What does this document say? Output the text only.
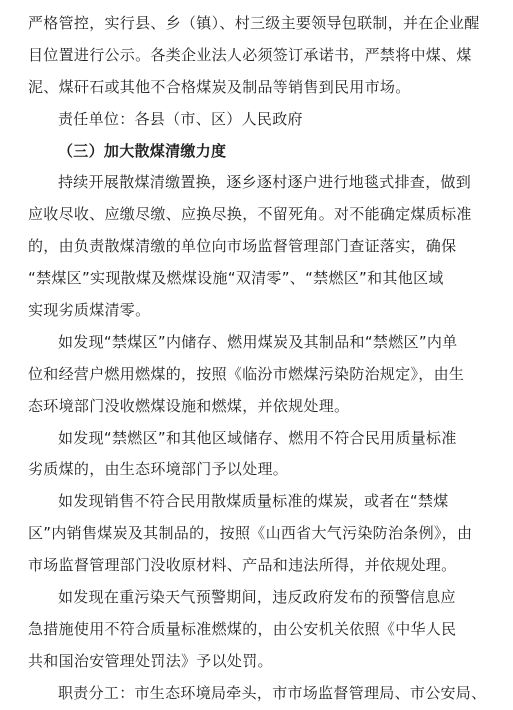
严格管控，实行县、乡（镇）、村三级主要领导包联制，并在企业醒
目位置进行公示。各类企业法人必须签订承诺书，严禁将中煤、煤
泥、煤矸石或其他不合格煤炭及制品等销售到民用市场。
责任单位：各县（市、区）人民政府
（三）加大散煤清缴力度
持续开展散煤清缴置换，逐乡逐村逐户进行地毯式排查，做到
应收尽收、应缴尽缴、应换尽换，不留死角。对不能确定煤质标准
的，由负责散煤清缴的单位向市场监督管理部门查证落实，确保
“禁煤区”实现散煤及燃煤设施“双清零”、“禁燃区”和其他区域
实现劣质煤清零。
如发现“禁煤区”内储存、燃用煤炭及其制品和“禁燃区”内单
位和经营户燃用燃煤的，按照《临汾市燃煤污染防治规定》，由生
态环境部门没收燃煤设施和燃煤，并依规处理。
如发现“禁燃区”和其他区域储存、燃用不符合民用质量标准
劣质煤的，由生态环境部门予以处理。
如发现销售不符合民用散煤质量标准的煤炭，或者在“禁煤
区”内销售煤炭及其制品的，按照《山西省大气污染防治条例》，由
市场监督管理部门没收原材料、产品和违法所得，并依规处理。
如发现在重污染天气预警期间，违反政府发布的预警信息应
急措施使用不符合质量标准燃煤的，由公安机关依照《中华人民
共和国治安管理处罚法》予以处罚。
职责分工：市生态环境局牵头，市市场监督管理局、市公安局、
